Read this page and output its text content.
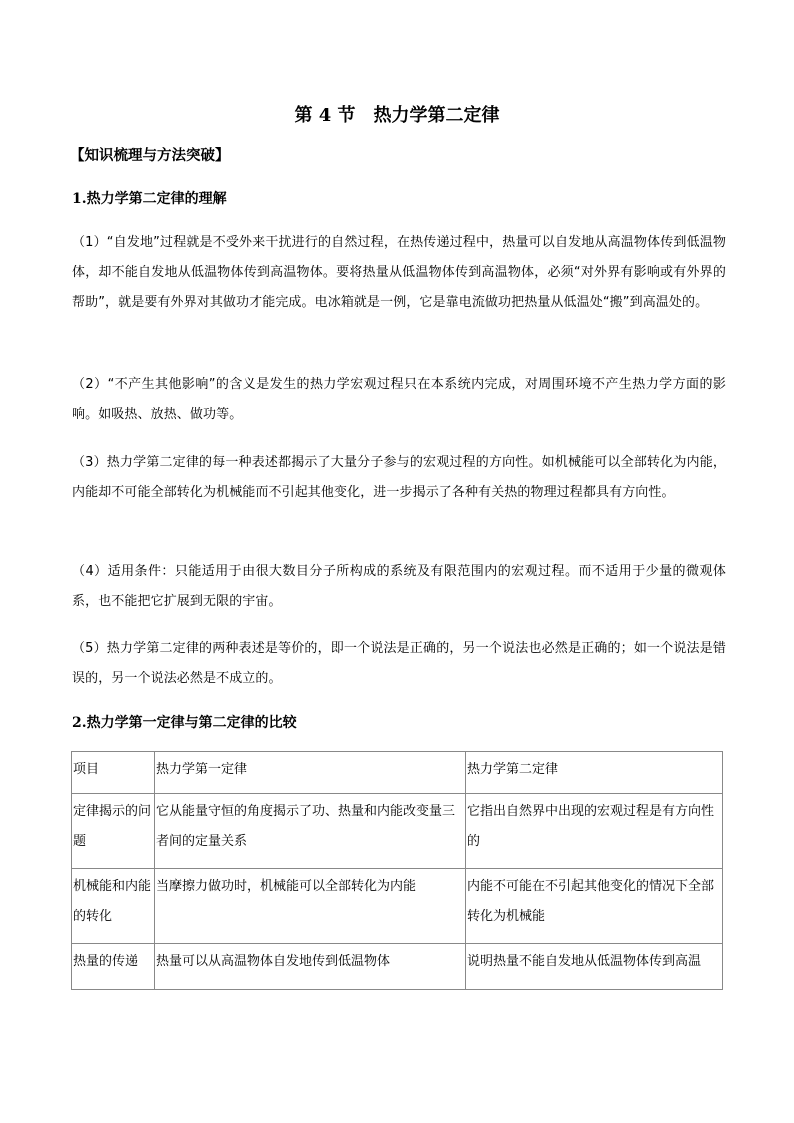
第 4 节　热力学第二定律
【知识梳理与方法突破】
1.热力学第二定律的理解
（1）“自发地”过程就是不受外来干扰进行的自然过程，在热传递过程中，热量可以自发地从高温物体传到低温物体，却不能自发地从低温物体传到高温物体。要将热量从低温物体传到高温物体，必须“对外界有影响或有外界的帮助”，就是要有外界对其做功才能完成。电冰箱就是一例，它是靠电流做功把热量从低温处“搬”到高温处的。
（2）“不产生其他影响”的含义是发生的热力学宏观过程只在本系统内完成，对周围环境不产生热力学方面的影响。如吸热、放热、做功等。
（3）热力学第二定律的每一种表述都揭示了大量分子参与的宏观过程的方向性。如机械能可以全部转化为内能，内能却不可能全部转化为机械能而不引起其他变化，进一步揭示了各种有关热的物理过程都具有方向性。
（4）适用条件：只能适用于由很大数目分子所构成的系统及有限范围内的宏观过程。而不适用于少量的微观体系，也不能把它扩展到无限的宇宙。
（5）热力学第二定律的两种表述是等价的，即一个说法是正确的，另一个说法也必然是正确的；如一个说法是错误的，另一个说法必然是不成立的。
2.热力学第一定律与第二定律的比较
项目	热力学第一定律	热力学第二定律
定律揭示的问题	它从能量守恒的角度揭示了功、热量和内能改变量三者间的定量关系	它指出自然界中出现的宏观过程是有方向性的
机械能和内能的转化	当摩擦力做功时，机械能可以全部转化为内能	内能不可能在不引起其他变化的情况下全部转化为机械能
热量的传递	热量可以从高温物体自发地传到低温物体	说明热量不能自发地从低温物体传到高温
